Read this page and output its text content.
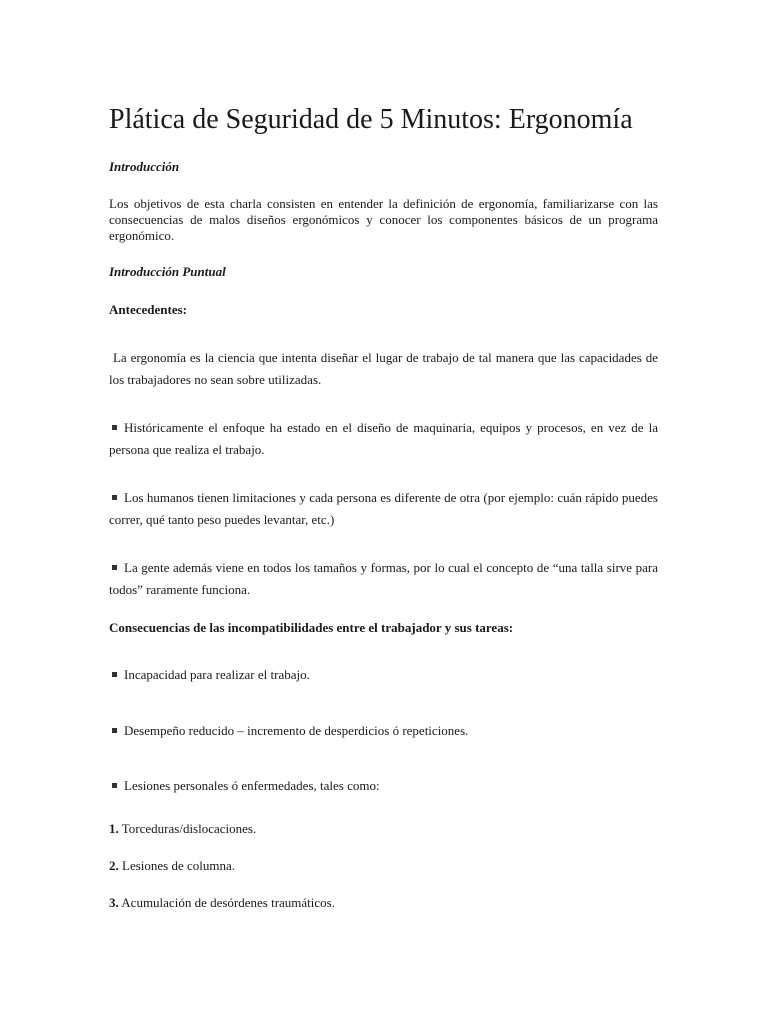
Plática de Seguridad de 5 Minutos: Ergonomía
Introducción

Los objetivos de esta charla consisten en entender la definición de ergonomía, familiarizarse con las consecuencias de malos diseños ergonómicos y conocer los componentes básicos de un programa ergonómico.

Introducción Puntual
Antecedentes:

La ergonomía es la ciencia que intenta diseñar el lugar de trabajo de tal manera que las capacidades de los trabajadores no sean sobre utilizadas.

Históricamente el enfoque ha estado en el diseño de maquinaria, equipos y procesos, en vez de la persona que realiza el trabajo.

Los humanos tienen limitaciones y cada persona es diferente de otra (por ejemplo: cuán rápido puedes correr, qué tanto peso puedes levantar, etc.)

La gente además viene en todos los tamaños y formas, por lo cual el concepto de “una talla sirve para todos” raramente funciona.

Consecuencias de las incompatibilidades entre el trabajador y sus tareas:

Incapacidad para realizar el trabajo.

Desempeño reducido – incremento de desperdicios ó repeticiones.

Lesiones personales ó enfermedades, tales como:

1. Torceduras/dislocaciones.
2. Lesiones de columna.
3. Acumulación de desórdenes traumáticos.
